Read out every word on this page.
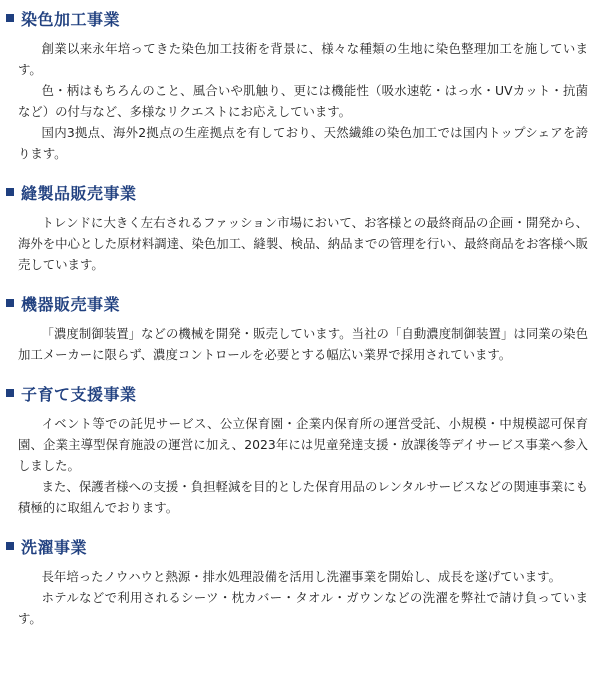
染色加工事業

創業以来永年培ってきた染色加工技術を背景に、様々な種類の生地に染色整理加工を施しています。

色・柄はもちろんのこと、風合いや肌触り、更には機能性（吸水速乾・はっ水・UVカット・抗菌など）の付与など、多様なリクエストにお応えしています。

国内3拠点、海外2拠点の生産拠点を有しており、天然繊維の染色加工では国内トップシェアを誇ります。

縫製品販売事業

トレンドに大きく左右されるファッション市場において、お客様との最終商品の企画・開発から、海外を中心とした原材料調達、染色加工、縫製、検品、納品までの管理を行い、最終商品をお客様へ販売しています。

機器販売事業

「濃度制御装置」などの機械を開発・販売しています。当社の「自動濃度制御装置」は同業の染色加工メーカーに限らず、濃度コントロールを必要とする幅広い業界で採用されています。

子育て支援事業

イベント等での託児サービス、公立保育園・企業内保育所の運営受託、小規模・中規模認可保育園、企業主導型保育施設の運営に加え、2023年には児童発達支援・放課後等デイサービス事業へ参入しました。

また、保護者様への支援・負担軽減を目的とした保育用品のレンタルサービスなどの関連事業にも積極的に取組んでおります。

洗濯事業

長年培ったノウハウと熱源・排水処理設備を活用し洗濯事業を開始し、成長を遂げています。

ホテルなどで利用されるシーツ・枕カバー・タオル・ガウンなどの洗濯を弊社で請け負っています。
